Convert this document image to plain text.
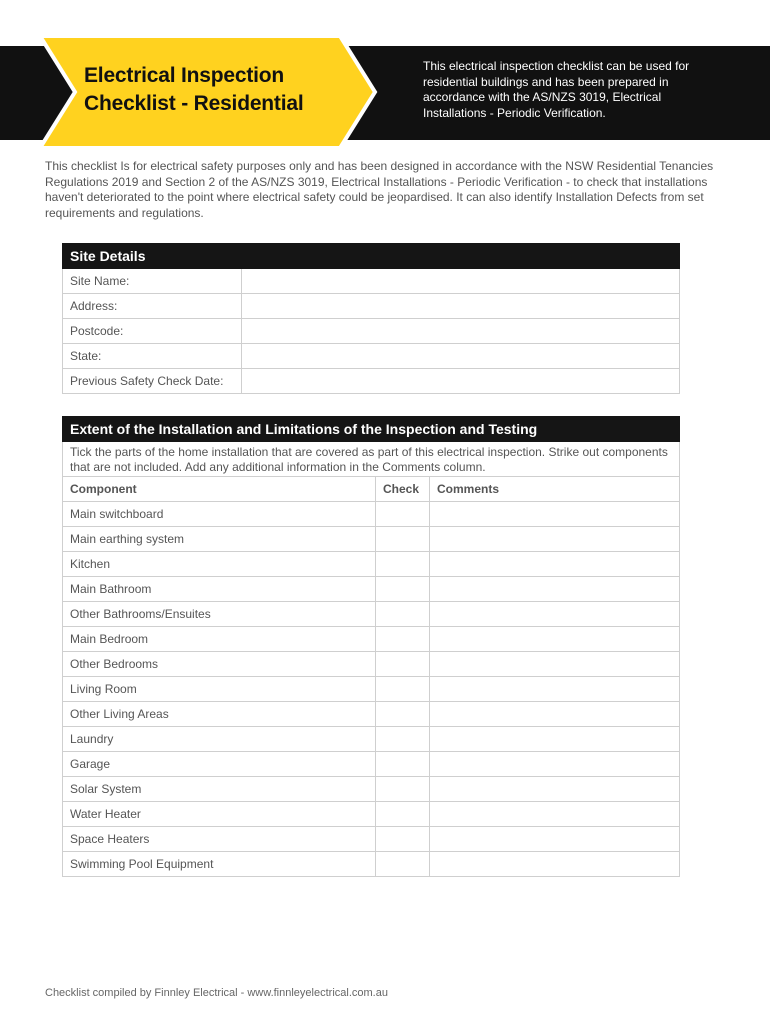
Electrical Inspection Checklist - Residential
This electrical inspection checklist can be used for residential buildings and has been prepared in accordance with the AS/NZS 3019, Electrical Installations - Periodic Verification.
This checklist Is for electrical safety purposes only and has been designed in accordance with the NSW Residential Tenancies Regulations 2019 and Section 2 of the AS/NZS 3019, Electrical Installations - Periodic Verification - to check that installations haven't deteriorated to the point where electrical safety could be jeopardised. It can also identify Installation Defects from set requirements and regulations.
Site Details	
Site Name:	
Address:	
Postcode:	
State:	
Previous Safety Check Date:	
Extent of the Installation and Limitations of the Inspection and Testing		
Tick the parts of the home installation that are covered as part of this electrical inspection. Strike out components that are not included. Add any additional information in the Comments column.		
Component	Check	Comments
Main switchboard		
Main earthing system		
Kitchen		
Main Bathroom		
Other Bathrooms/Ensuites		
Main Bedroom		
Other Bedrooms		
Living Room		
Other Living Areas		
Laundry		
Garage		
Solar System		
Water Heater		
Space Heaters		
Swimming Pool Equipment		
Checklist compiled by Finnley Electrical - www.finnleyelectrical.com.au
